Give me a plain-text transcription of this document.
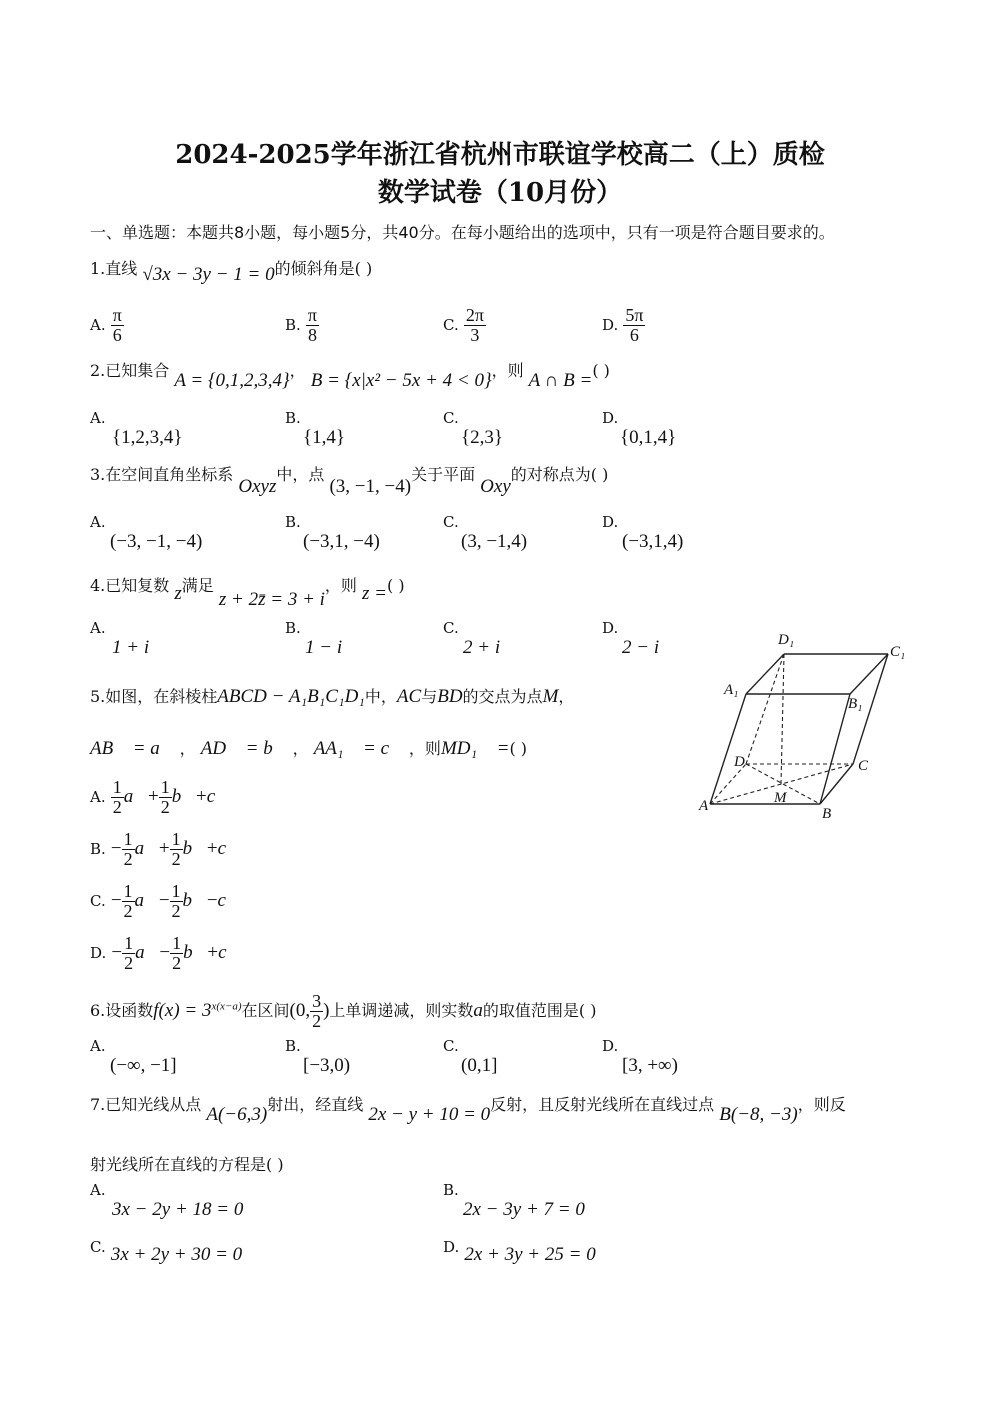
2024-2025学年浙江省杭州市联谊学校高二（上）质检
数学试卷（10月份）
一、单选题：本题共8小题，每小题5分，共40分。在每小题给出的选项中，只有一项是符合题目要求的。
1.直线 √3x − 3y − 1 = 0的倾斜角是( )
A. $\frac{\pi}{6}$	B. $\frac{\pi}{8}$	C. $\frac{2\pi}{3}$	D. $\frac{5\pi}{6}$
2.已知集合 A = {0,1,2,3,4}， B = {x|x² − 5x + 4 < 0}，则 A ∩ B =( )
A.
{1,2,3,4}
B.
{1,4}
C.
{2,3}
D.
{0,1,4}
3.在空间直角坐标系 Oxyz中，点 (3, −1, −4)关于平面 Oxy的对称点为( )
A.
(−3, −1, −4)
B.
(−3,1, −4)
C.
(3, −1,4)
D.
(−3,1,4)
4.已知复数 z满足 z + 2z̄ = 3 + i，则 z =( )
A.
1 + i
B.
1 − i
C.
2 + i
D.
2 − i
5.如图，在斜棱柱ABCD − A₁B₁C₁D₁中，AC与BD的交点为点M，
AB⃗ = a⃗ ， AD⃗ = b⃗ ， AA₁⃗ = c⃗ ，则MD₁⃗ =( )
A. $\frac{1}{2}$ a⃗+ $\frac{1}{2}$ b⃗+c⃗
B. − $\frac{1}{2}$ a⃗+ $\frac{1}{2}$ b⃗+c⃗
C. − $\frac{1}{2}$ a⃗− $\frac{1}{2}$ b⃗−c⃗
D. − $\frac{1}{2}$ a⃗− $\frac{1}{2}$ b⃗+c⃗
A	B
C
D
M
A₁
B₁
C₁
D₁
6.设函数$f(x) = 3^{x(x-a)}$在区间(0, $\frac{3}{2}$ )上单调递减，则实数a的取值范围是( )
A.
(−∞, −1]
B.
[−3,0)
C.
(0,1]
D.
[3, +∞)
7.已知光线从点 A(−6,3)射出，经直线 2x − y + 10 = 0反射，且反射光线所在直线过点 B(−8, −3)，则反
射光线所在直线的方程是( )
A.
3x − 2y + 18 = 0
B.
2x − 3y + 7 = 0
C. 3x + 2y + 30 = 0	D. 2x + 3y + 25 = 0
